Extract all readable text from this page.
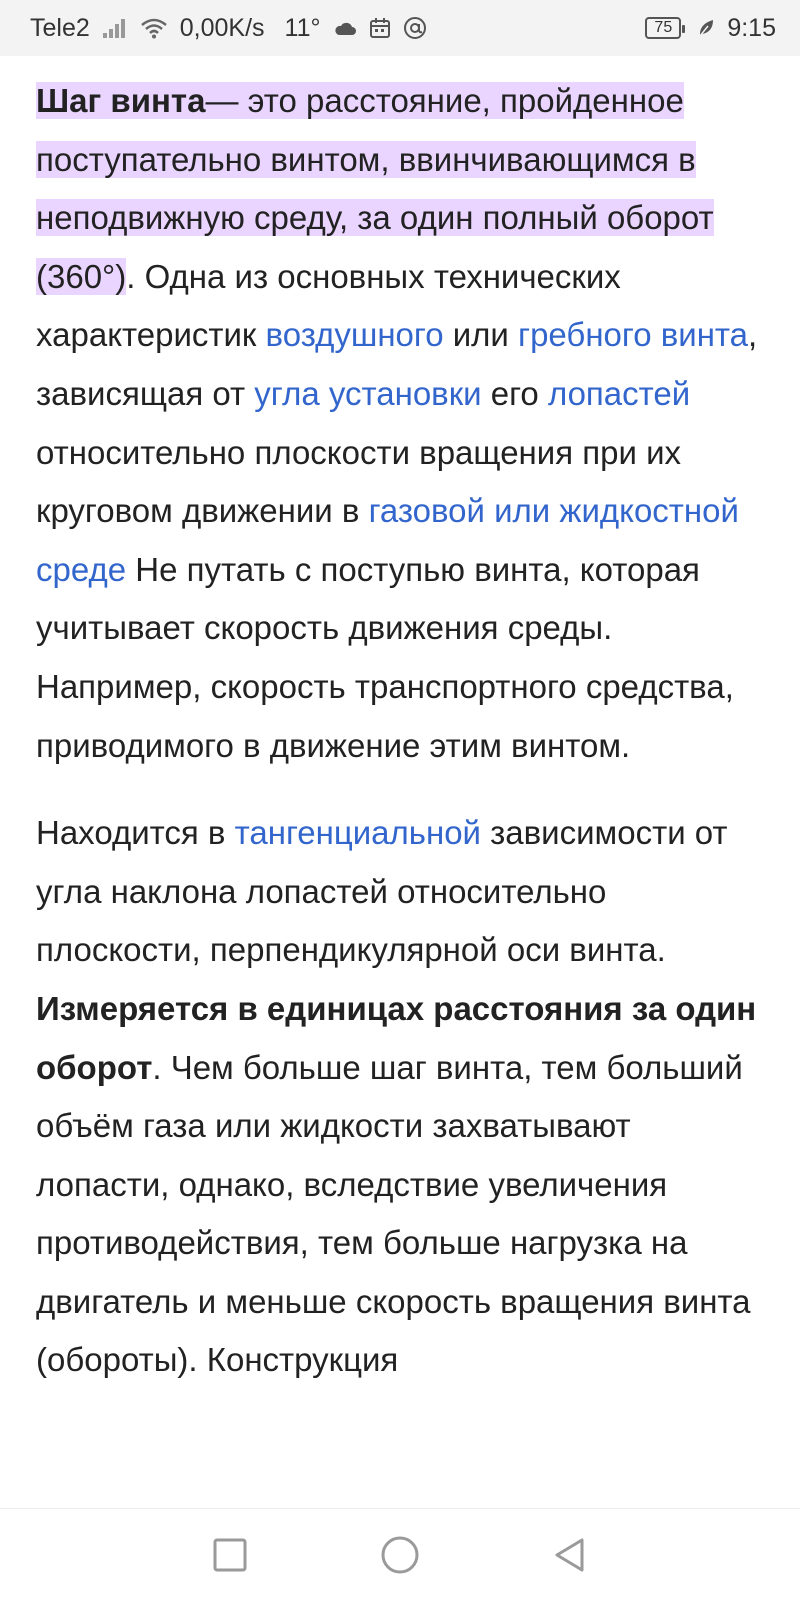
Tele2	0,00K/s 11°	75 9:15

Шаг винта— это расстояние, пройденное поступательно винтом, ввинчивающимся в неподвижную среду, за один полный оборот (360°). Одна из основных технических характеристик воздушного или гребного винта, зависящая от угла установки его лопастей относительно плоскости вращения при их круговом движении в газовой или жидкостной среде Не путать с поступью винта, которая учитывает скорость движения среды. Например, скорость транспортного средства, приводимого в движение этим винтом.

Находится в тангенциальной зависимости от угла наклона лопастей относительно плоскости, перпендикулярной оси винта. Измеряется в единицах расстояния за один оборот. Чем больше шаг винта, тем больший объём газа или жидкости захватывают лопасти, однако, вследствие увеличения противодействия, тем больше нагрузка на двигатель и меньше скорость вращения винта (обороты). Конструкция
